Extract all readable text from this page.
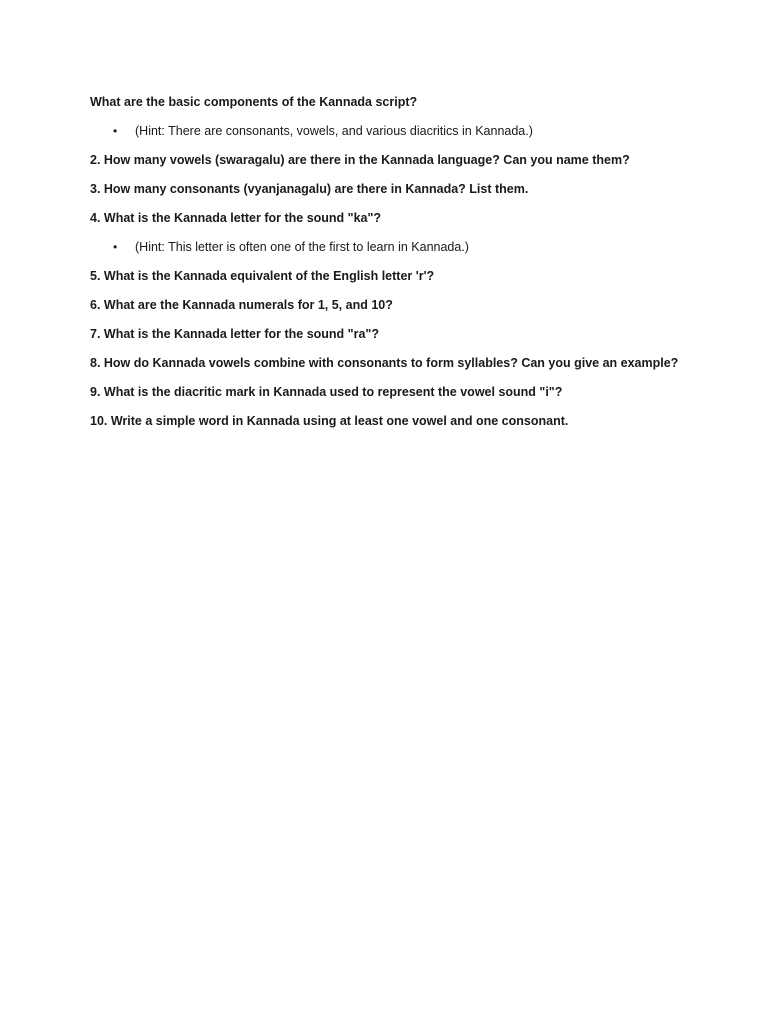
What are the basic components of the Kannada script?

• (Hint: There are consonants, vowels, and various diacritics in Kannada.)

2. How many vowels (swaragalu) are there in the Kannada language? Can you name them?

3. How many consonants (vyanjanagalu) are there in Kannada? List them.

4. What is the Kannada letter for the sound "ka"?

• (Hint: This letter is often one of the first to learn in Kannada.)

5. What is the Kannada equivalent of the English letter 'r'?

6. What are the Kannada numerals for 1, 5, and 10?

7. What is the Kannada letter for the sound "ra"?

8. How do Kannada vowels combine with consonants to form syllables? Can you give an example?

9. What is the diacritic mark in Kannada used to represent the vowel sound "i"?

10. Write a simple word in Kannada using at least one vowel and one consonant.
